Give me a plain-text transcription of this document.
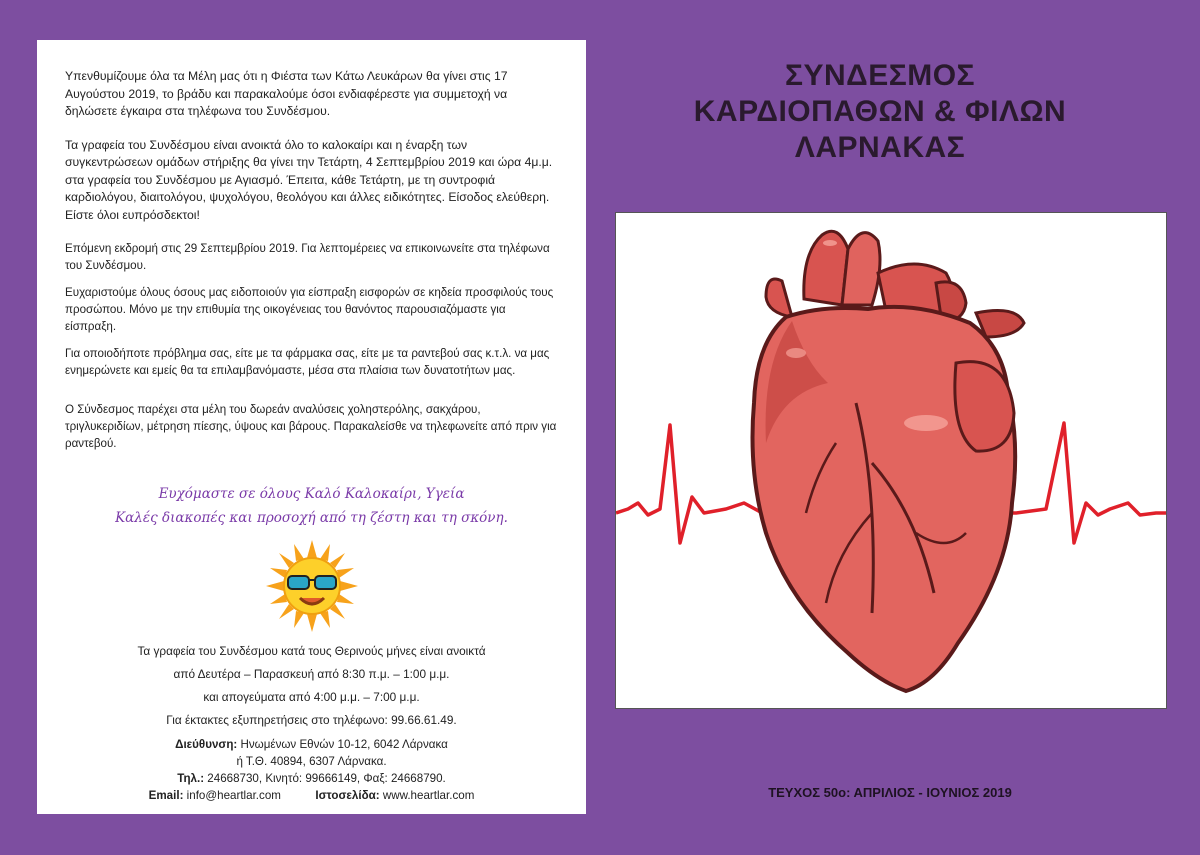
Υπενθυμίζουμε όλα τα Μέλη μας ότι η Φιέστα των Κάτω Λευκάρων θα γίνει στις 17 Αυγούστου 2019, το βράδυ και παρακαλούμε όσοι ενδιαφέρεστε για συμμετοχή να δηλώσετε έγκαιρα στα τηλέφωνα του Συνδέσμου.

Τα γραφεία του Συνδέσμου είναι ανοικτά όλο το καλοκαίρι και η έναρξη των συγκεντρώσεων ομάδων στήριξης θα γίνει την Τετάρτη, 4 Σεπτεμβρίου 2019 και ώρα 4μ.μ. στα γραφεία του Συνδέσμου με Αγιασμό. Έπειτα, κάθε Τετάρτη, με τη συντροφιά καρδιολόγου, διαιτολόγου, ψυχολόγου, θεολόγου και άλλες ειδικότητες. Είσοδος ελεύθερη. Είστε όλοι ευπρόσδεκτοι!

Επόμενη εκδρομή στις 29 Σεπτεμβρίου 2019. Για λεπτομέρειες να επικοινωνείτε στα τηλέφωνα του Συνδέσμου.

Ευχαριστούμε όλους όσους μας ειδοποιούν για είσπραξη εισφορών σε κηδεία προσφιλούς τους προσώπου. Μόνο με την επιθυμία της οικογένειας του θανόντος παρουσιαζόμαστε για είσπραξη.

Για οποιοδήποτε πρόβλημα σας, είτε με τα φάρμακα σας, είτε με τα ραντεβού σας κ.τ.λ. να μας ενημερώνετε και εμείς θα τα επιλαμβανόμαστε, μέσα στα πλαίσια των δυνατοτήτων μας.

Ο Σύνδεσμος παρέχει στα μέλη του δωρεάν αναλύσεις χοληστερόλης, σακχάρου, τριγλυκεριδίων, μέτρηση πίεσης, ύψους και βάρους. Παρακαλείσθε να τηλεφωνείτε από πριν για ραντεβού.

Ευχόμαστε σε όλους Καλό Καλοκαίρι, Υγεία
Καλές διακοπές και προσοχή από τη ζέστη και τη σκόνη.
Τα γραφεία του Συνδέσμου κατά τους Θερινούς μήνες είναι ανοικτά
από Δευτέρα – Παρασκευή από 8:30 π.μ. – 1:00 μ.μ.
και απογεύματα από 4:00 μ.μ. – 7:00 μ.μ.
Για έκτακτες εξυπηρετήσεις στο τηλέφωνο: 99.66.61.49.
Διεύθυνση: Ηνωμένων Εθνών 10-12, 6042 Λάρνακα
ή Τ.Θ. 40894, 6307 Λάρνακα.
Τηλ.: 24668730, Κινητό: 99666149, Φαξ: 24668790.
Email: info@heartlar.com	Ιστοσελίδα: www.heartlar.com
ΣΥΝΔΕΣΜΟΣ
ΚΑΡΔΙΟΠΑΘΩΝ & ΦΙΛΩΝ
ΛΑΡΝΑΚΑΣ
ΤΕΥΧΟΣ 50ο: ΑΠΡΙΛΙΟΣ - ΙΟΥΝΙΟΣ 2019
